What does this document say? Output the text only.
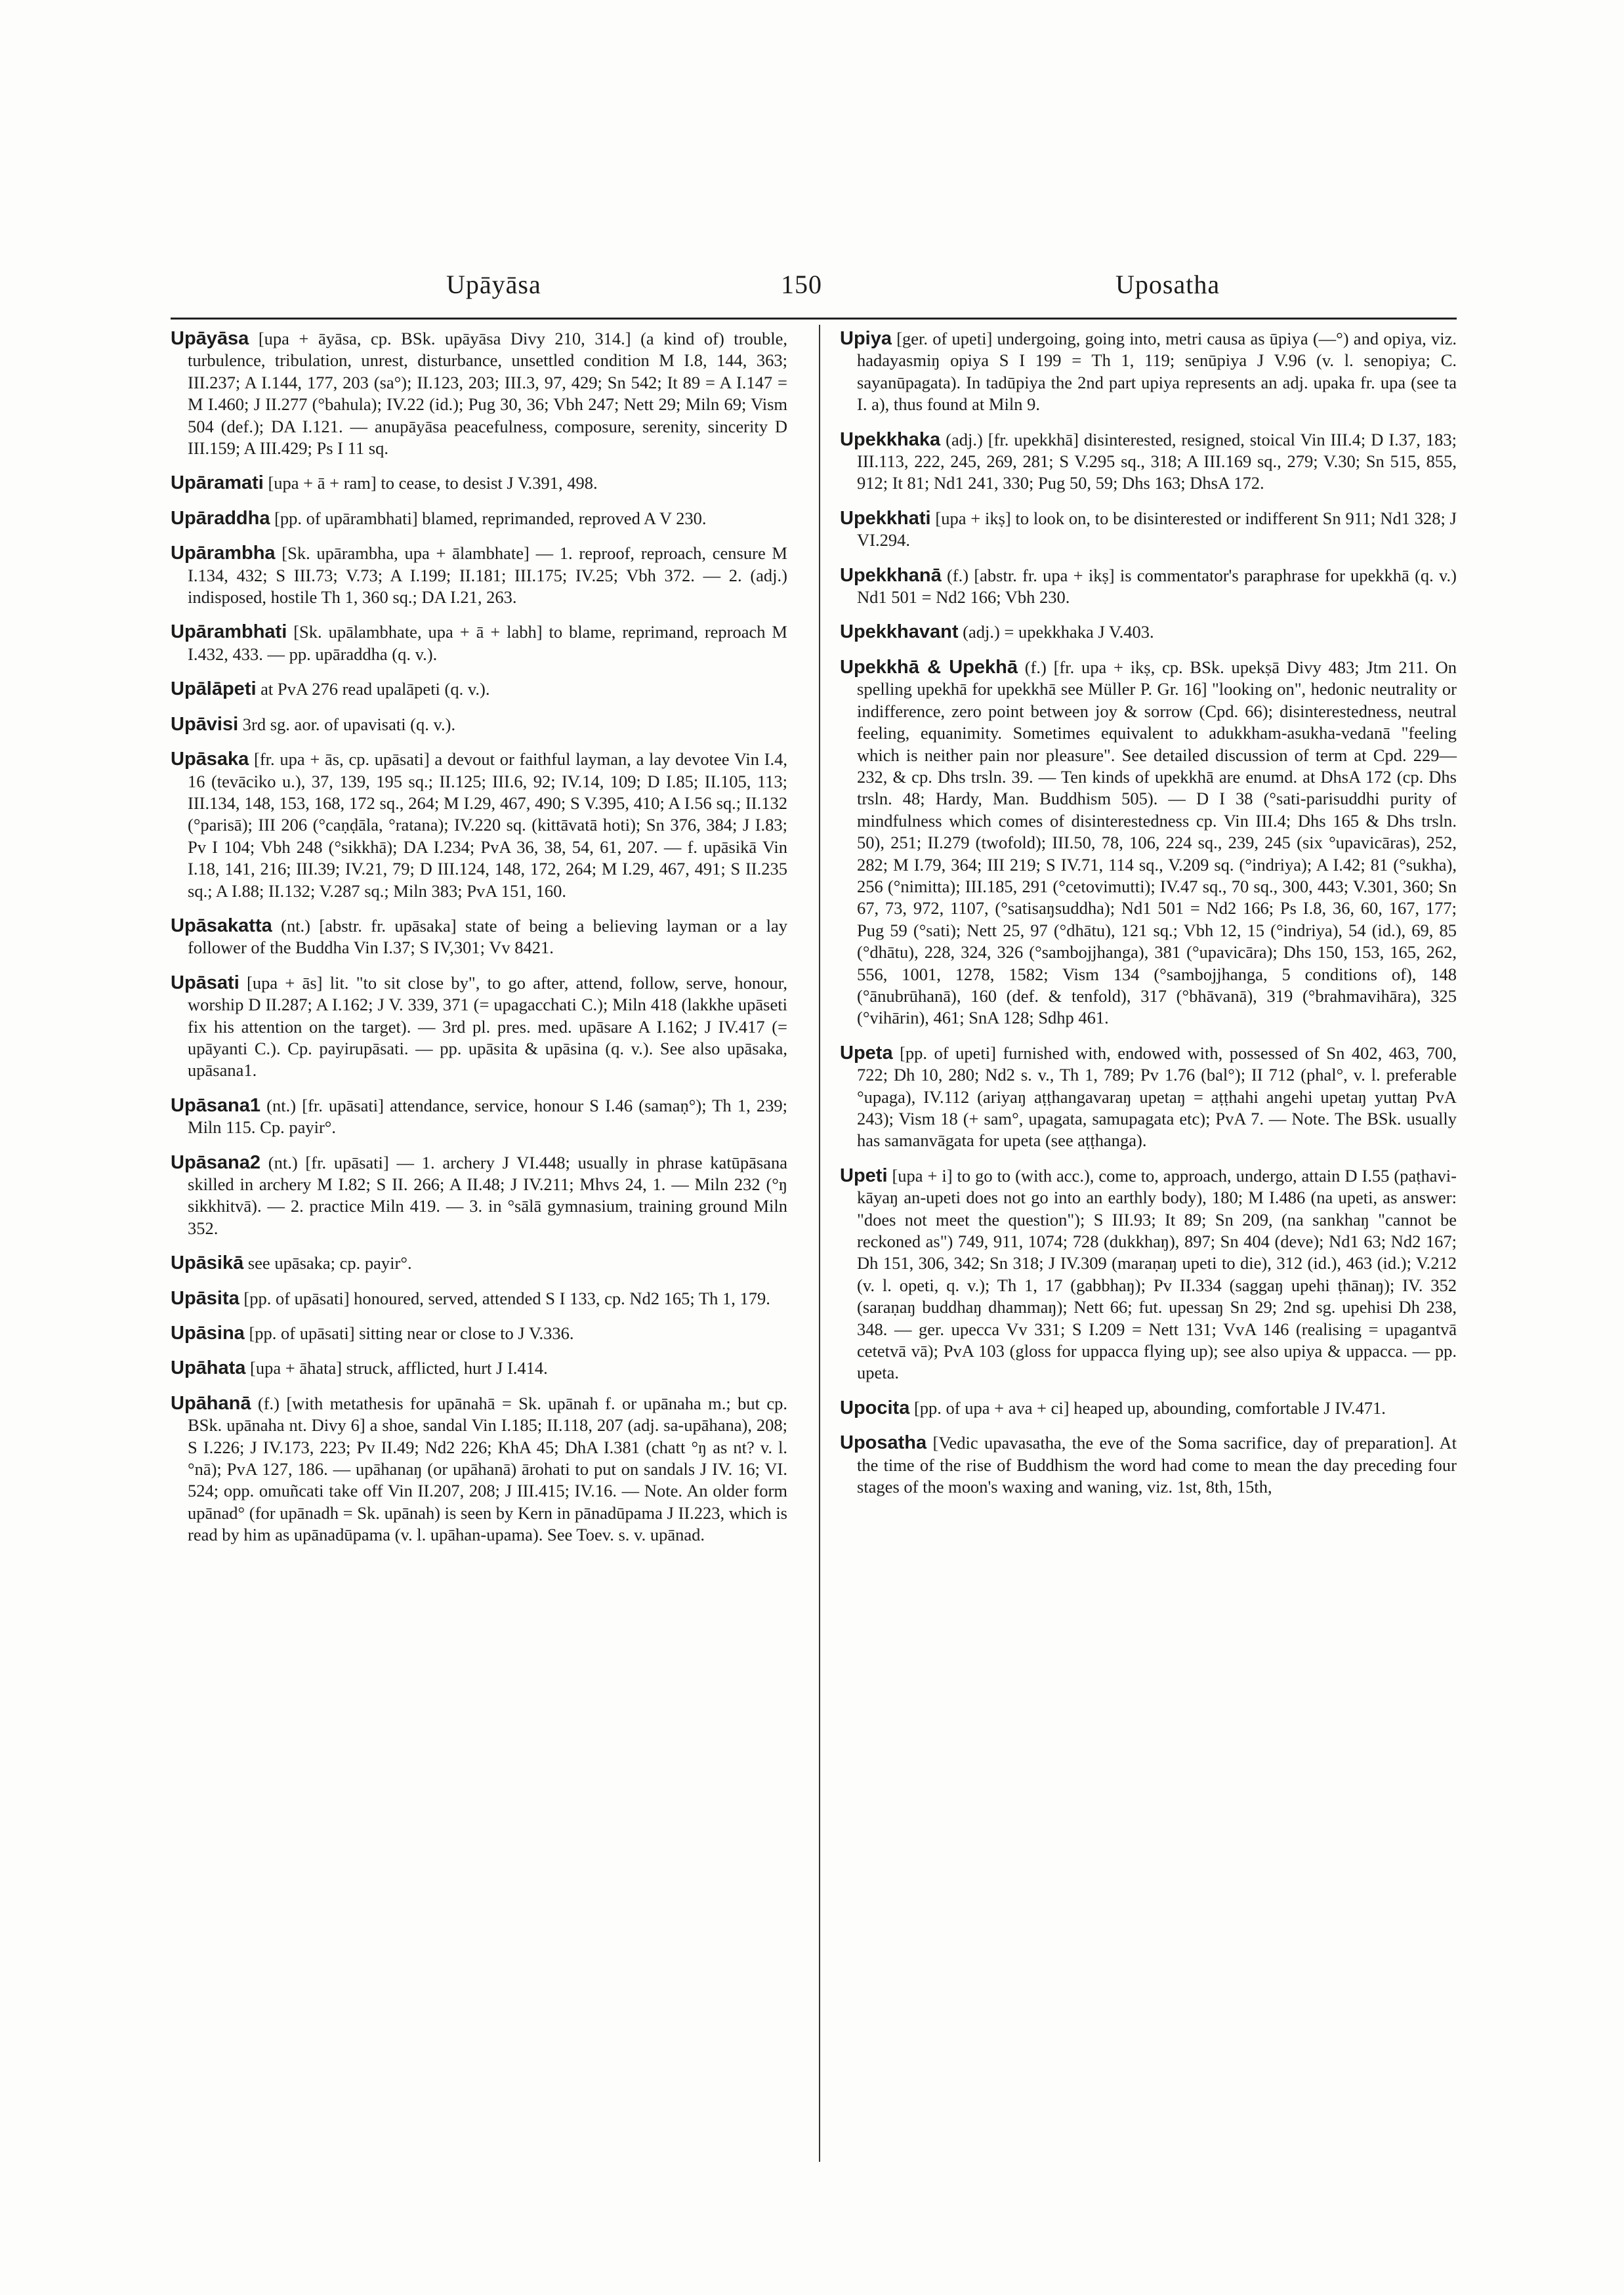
Upāyāsa	150	Uposatha

Upāyāsa [upa + āyāsa, cp. BSk. upāyāsa Divy 210, 314.] (a kind of) trouble, turbulence, tribulation, unrest, disturbance, unsettled condition M I.8, 144, 363; III.237; A I.144, 177, 203 (sa°); II.123, 203; III.3, 97, 429; Sn 542; It 89 = A I.147 = M I.460; J II.277 (°bahula); IV.22 (id.); Pug 30, 36; Vbh 247; Nett 29; Miln 69; Vism 504 (def.); DA I.121. — anupāyāsa peacefulness, composure, serenity, sincerity D III.159; A III.429; Ps I 11 sq.

Upāramati [upa + ā + ram] to cease, to desist J V.391, 498.

Upāraddha [pp. of upārambhati] blamed, reprimanded, reproved A V 230.

Upārambha [Sk. upārambha, upa + ālambhate] — 1. reproof, reproach, censure M I.134, 432; S III.73; V.73; A I.199; II.181; III.175; IV.25; Vbh 372. — 2. (adj.) indisposed, hostile Th 1, 360 sq.; DA I.21, 263.

Upārambhati [Sk. upālambhate, upa + ā + labh] to blame, reprimand, reproach M I.432, 433. — pp. upāraddha (q. v.).

Upālāpeti at PvA 276 read upalāpeti (q. v.).

Upāvisi 3rd sg. aor. of upavisati (q. v.).

Upāsaka [fr. upa + ās, cp. upāsati] a devout or faithful layman, a lay devotee Vin I.4, 16 (tevāciko u.), 37, 139, 195 sq.; II.125; III.6, 92; IV.14, 109; D I.85; II.105, 113; III.134, 148, 153, 168, 172 sq., 264; M I.29, 467, 490; S V.395, 410; A I.56 sq.; II.132 (°parisā); III 206 (°caṇḍāla, °ratana); IV.220 sq. (kittāvatā hoti); Sn 376, 384; J I.83; Pv I 104; Vbh 248 (°sikkhā); DA I.234; PvA 36, 38, 54, 61, 207. — f. upāsikā Vin I.18, 141, 216; III.39; IV.21, 79; D III.124, 148, 172, 264; M I.29, 467, 491; S II.235 sq.; A I.88; II.132; V.287 sq.; Miln 383; PvA 151, 160.

Upāsakatta (nt.) [abstr. fr. upāsaka] state of being a believing layman or a lay follower of the Buddha Vin I.37; S IV,301; Vv 8421.

Upāsati [upa + ās] lit. "to sit close by", to go after, attend, follow, serve, honour, worship D II.287; A I.162; J V. 339, 371 (= upagacchati C.); Miln 418 (lakkhe upāseti fix his attention on the target). — 3rd pl. pres. med. upāsare A I.162; J IV.417 (= upāyanti C.). Cp. payirupāsati. — pp. upāsita & upāsina (q. v.). See also upāsaka, upāsana1.

Upāsana1 (nt.) [fr. upāsati] attendance, service, honour S I.46 (samaṇ°); Th 1, 239; Miln 115. Cp. payir°.

Upāsana2 (nt.) [fr. upāsati] — 1. archery J VI.448; usually in phrase katūpāsana skilled in archery M I.82; S II. 266; A II.48; J IV.211; Mhvs 24, 1. — Miln 232 (°ŋ sikkhitvā). — 2. practice Miln 419. — 3. in °sālā gymnasium, training ground Miln 352.

Upāsikā see upāsaka; cp. payir°.

Upāsita [pp. of upāsati] honoured, served, attended S I 133, cp. Nd2 165; Th 1, 179.

Upāsina [pp. of upāsati] sitting near or close to J V.336.

Upāhata [upa + āhata] struck, afflicted, hurt J I.414.

Upāhanā (f.) [with metathesis for upānahā = Sk. upānah f. or upānaha m.; but cp. BSk. upānaha nt. Divy 6] a shoe, sandal Vin I.185; II.118, 207 (adj. sa-upāhana), 208; S I.226; J IV.173, 223; Pv II.49; Nd2 226; KhA 45; DhA I.381 (chatt °ŋ as nt? v. l. °nā); PvA 127, 186. — upāhanaŋ (or upāhanā) ārohati to put on sandals J IV. 16; VI. 524; opp. omuñcati take off Vin II.207, 208; J III.415; IV.16. — Note. An older form upānad° (for upānadh = Sk. upānah) is seen by Kern in pānadūpama J II.223, which is read by him as upānadūpama (v. l. upāhan-upama). See Toev. s. v. upānad.

Upiya [ger. of upeti] undergoing, going into, metri causa as ūpiya (—°) and opiya, viz. hadayasmiŋ opiya S I 199 = Th 1, 119; senūpiya J V.96 (v. l. senopiya; C. sayanūpagata). In tadūpiya the 2nd part upiya represents an adj. upaka fr. upa (see ta I. a), thus found at Miln 9.

Upekkhaka (adj.) [fr. upekkhā] disinterested, resigned, stoical Vin III.4; D I.37, 183; III.113, 222, 245, 269, 281; S V.295 sq., 318; A III.169 sq., 279; V.30; Sn 515, 855, 912; It 81; Nd1 241, 330; Pug 50, 59; Dhs 163; DhsA 172.

Upekkhati [upa + ikṣ] to look on, to be disinterested or indifferent Sn 911; Nd1 328; J VI.294.

Upekkhanā (f.) [abstr. fr. upa + ikṣ] is commentator's paraphrase for upekkhā (q. v.) Nd1 501 = Nd2 166; Vbh 230.

Upekkhavant (adj.) = upekkhaka J V.403.

Upekkhā & Upekhā (f.) [fr. upa + ikṣ, cp. BSk. upekṣā Divy 483; Jtm 211. On spelling upekhā for upekkhā see Müller P. Gr. 16] "looking on", hedonic neutrality or indifference, zero point between joy & sorrow (Cpd. 66); disinterestedness, neutral feeling, equanimity. Sometimes equivalent to adukkham-asukha-vedanā "feeling which is neither pain nor pleasure". See detailed discussion of term at Cpd. 229—232, & cp. Dhs trsln. 39. — Ten kinds of upekkhā are enumd. at DhsA 172 (cp. Dhs trsln. 48; Hardy, Man. Buddhism 505). — D I 38 (°sati-parisuddhi purity of mindfulness which comes of disinterestedness cp. Vin III.4; Dhs 165 & Dhs trsln. 50), 251; II.279 (twofold); III.50, 78, 106, 224 sq., 239, 245 (six °upavicāras), 252, 282; M I.79, 364; III 219; S IV.71, 114 sq., V.209 sq. (°indriya); A I.42; 81 (°sukha), 256 (°nimitta); III.185, 291 (°cetovimutti); IV.47 sq., 70 sq., 300, 443; V.301, 360; Sn 67, 73, 972, 1107, (°satisaŋsuddha); Nd1 501 = Nd2 166; Ps I.8, 36, 60, 167, 177; Pug 59 (°sati); Nett 25, 97 (°dhātu), 121 sq.; Vbh 12, 15 (°indriya), 54 (id.), 69, 85 (°dhātu), 228, 324, 326 (°sambojjhanga), 381 (°upavicāra); Dhs 150, 153, 165, 262, 556, 1001, 1278, 1582; Vism 134 (°sambojjhanga, 5 conditions of), 148 (°ānubrūhanā), 160 (def. & tenfold), 317 (°bhāvanā), 319 (°brahmavihāra), 325 (°vihārin), 461; SnA 128; Sdhp 461.

Upeta [pp. of upeti] furnished with, endowed with, possessed of Sn 402, 463, 700, 722; Dh 10, 280; Nd2 s. v., Th 1, 789; Pv 1.76 (bal°); II 712 (phal°, v. l. preferable °upaga), IV.112 (ariyaŋ aṭṭhangavaraŋ upetaŋ = aṭṭhahi angehi upetaŋ yuttaŋ PvA 243); Vism 18 (+ sam°, upagata, samupagata etc); PvA 7. — Note. The BSk. usually has samanvāgata for upeta (see aṭṭhanga).

Upeti [upa + i] to go to (with acc.), come to, approach, undergo, attain D I.55 (paṭhavi-kāyaŋ an-upeti does not go into an earthly body), 180; M I.486 (na upeti, as answer: "does not meet the question"); S III.93; It 89; Sn 209, (na sankhaŋ "cannot be reckoned as") 749, 911, 1074; 728 (dukkhaŋ), 897; Sn 404 (deve); Nd1 63; Nd2 167; Dh 151, 306, 342; Sn 318; J IV.309 (maraṇaŋ upeti to die), 312 (id.), 463 (id.); V.212 (v. l. opeti, q. v.); Th 1, 17 (gabbhaŋ); Pv II.334 (saggaŋ upehi ṭhānaŋ); IV. 352 (saraṇaŋ buddhaŋ dhammaŋ); Nett 66; fut. upessaŋ Sn 29; 2nd sg. upehisi Dh 238, 348. — ger. upecca Vv 331; S I.209 = Nett 131; VvA 146 (realising = upagantvā cetetvā vā); PvA 103 (gloss for uppacca flying up); see also upiya & uppacca. — pp. upeta.

Upocita [pp. of upa + ava + ci] heaped up, abounding, comfortable J IV.471.

Uposatha [Vedic upavasatha, the eve of the Soma sacrifice, day of preparation]. At the time of the rise of Buddhism the word had come to mean the day preceding four stages of the moon's waxing and waning, viz. 1st, 8th, 15th,
